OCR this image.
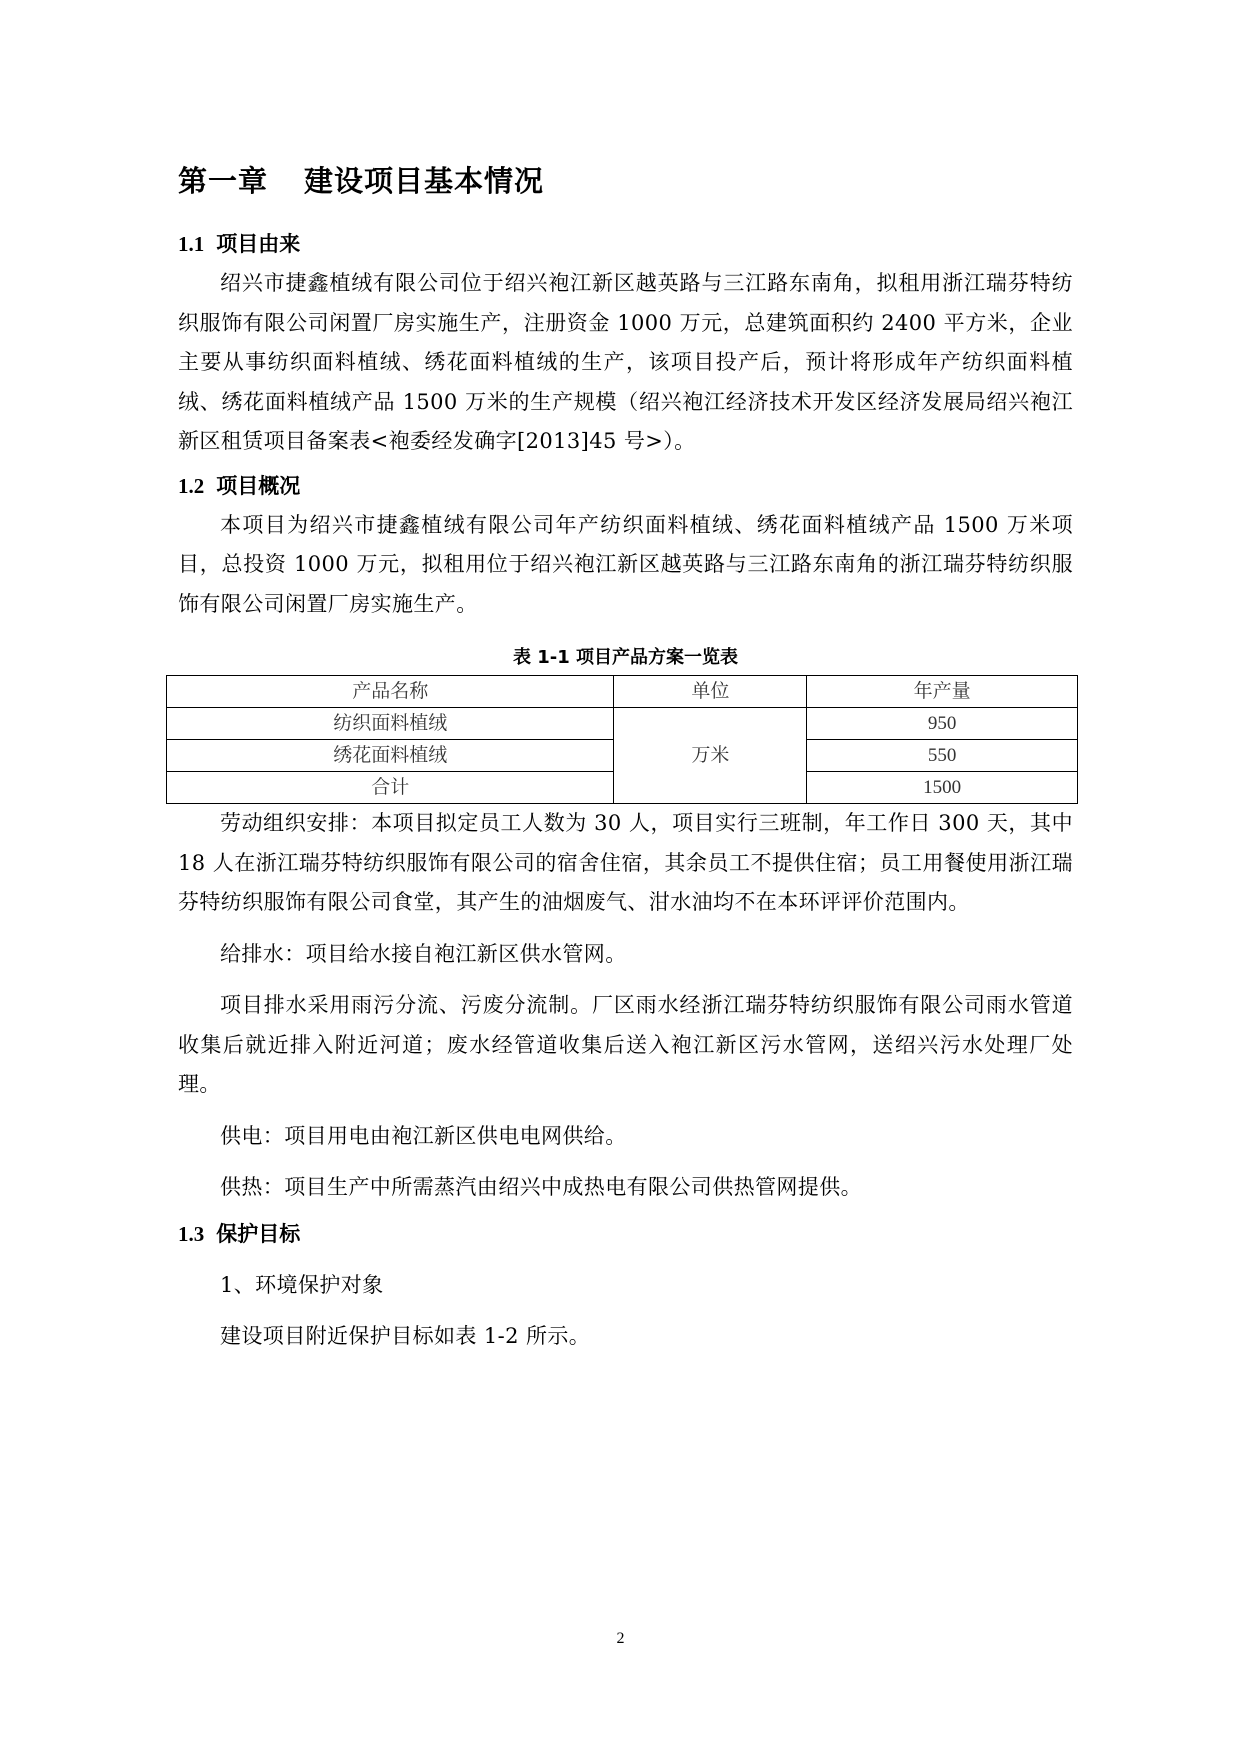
第一章 建设项目基本情况
1.1 项目由来

绍兴市捷鑫植绒有限公司位于绍兴袍江新区越英路与三江路东南角，拟租用浙江瑞芬特纺织服饰有限公司闲置厂房实施生产，注册资金 1000 万元，总建筑面积约 2400 平方米，企业主要从事纺织面料植绒、绣花面料植绒的生产，该项目投产后，预计将形成年产纺织面料植绒、绣花面料植绒产品 1500 万米的生产规模（绍兴袍江经济技术开发区经济发展局绍兴袍江新区租赁项目备案表<袍委经发确字[2013]45 号>）。

1.2 项目概况

本项目为绍兴市捷鑫植绒有限公司年产纺织面料植绒、绣花面料植绒产品 1500 万米项目，总投资 1000 万元，拟租用位于绍兴袍江新区越英路与三江路东南角的浙江瑞芬特纺织服饰有限公司闲置厂房实施生产。

表 1-1 项目产品方案一览表
产品名称	单位	年产量
纺织面料植绒	万米	950
绣花面料植绒		550
合计		1500

劳动组织安排：本项目拟定员工人数为 30 人，项目实行三班制，年工作日 300 天，其中 18 人在浙江瑞芬特纺织服饰有限公司的宿舍住宿，其余员工不提供住宿；员工用餐使用浙江瑞芬特纺织服饰有限公司食堂，其产生的油烟废气、泔水油均不在本环评评价范围内。

给排水：项目给水接自袍江新区供水管网。

项目排水采用雨污分流、污废分流制。厂区雨水经浙江瑞芬特纺织服饰有限公司雨水管道收集后就近排入附近河道；废水经管道收集后送入袍江新区污水管网，送绍兴污水处理厂处理。

供电：项目用电由袍江新区供电电网供给。

供热：项目生产中所需蒸汽由绍兴中成热电有限公司供热管网提供。

1.3 保护目标

1、环境保护对象

建设项目附近保护目标如表 1-2 所示。

2
